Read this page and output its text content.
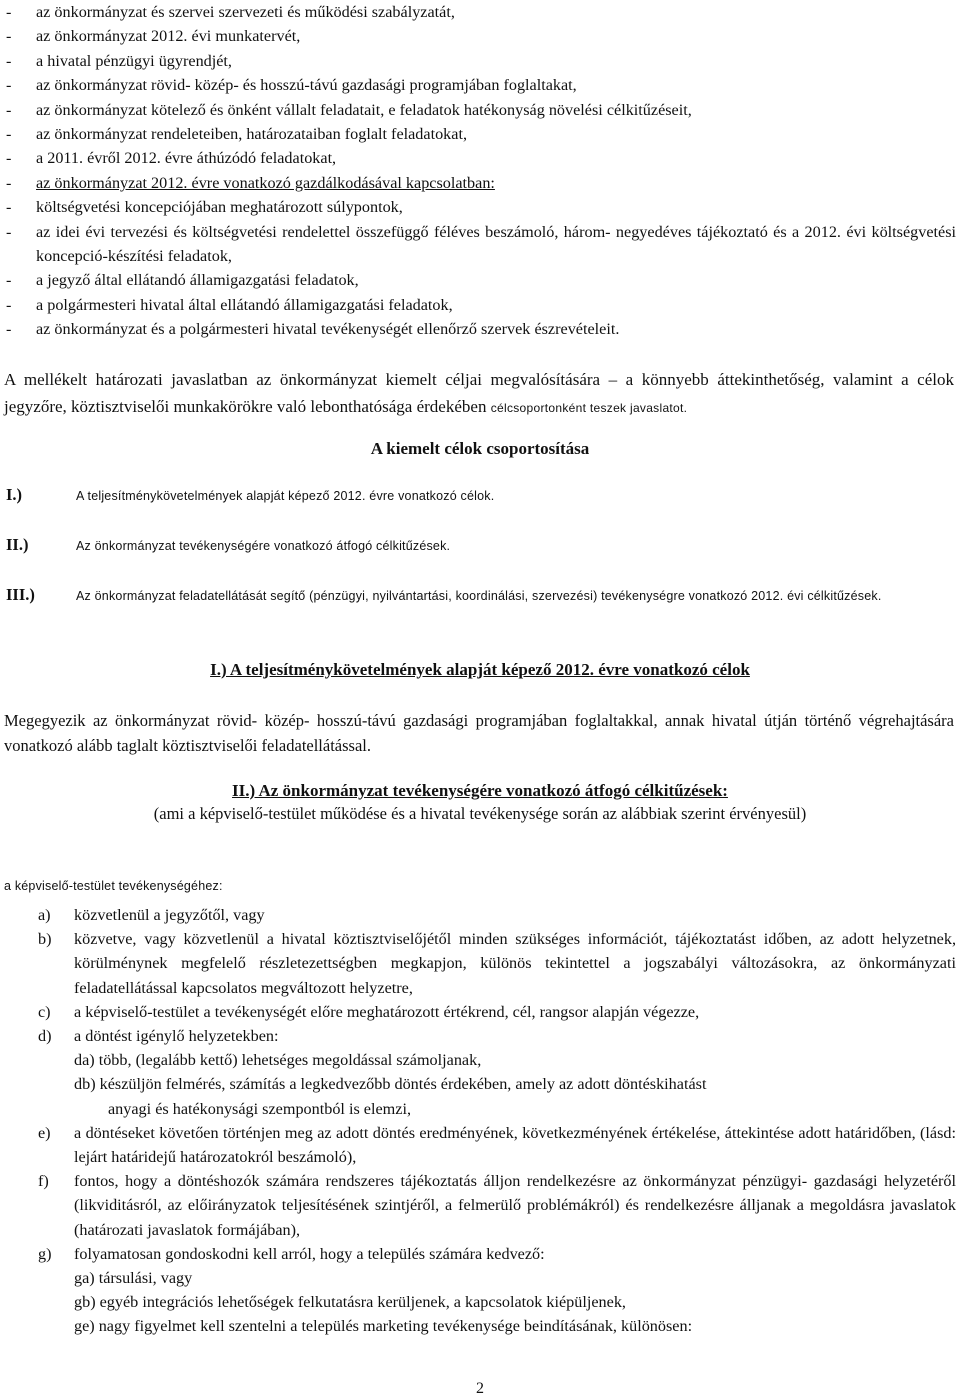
-	az önkormányzat és szervei szervezeti és működési szabályzatát,
-	az önkormányzat 2012. évi munkatervét,
-	a hivatal pénzügyi ügyrendjét,
-	az önkormányzat rövid- közép- és hosszú-távú gazdasági programjában foglaltakat,
-	az önkormányzat kötelező és önként vállalt feladatait, e feladatok hatékonyság növelési célkitűzéseit,
-	az önkormányzat rendeleteiben, határozataiban foglalt feladatokat,
-	a 2011. évről 2012. évre áthúzódó feladatokat,
-	az önkormányzat 2012. évre vonatkozó gazdálkodásával kapcsolatban:
-	költségvetési koncepciójában meghatározott súlypontok,
-	az idei évi tervezési és költségvetési rendelettel összefüggő féléves beszámoló, három- negyedéves tájékoztató és a 2012. évi költségvetési koncepció-készítési feladatok,
-	a jegyző által ellátandó államigazgatási feladatok,
-	a polgármesteri hivatal által ellátandó államigazgatási feladatok,
-	az önkormányzat és a polgármesteri hivatal tevékenységét ellenőrző szervek észrevételeit.
A mellékelt határozati javaslatban az önkormányzat kiemelt céljai megvalósítására – a könnyebb áttekinthetőség, valamint a célok jegyzőre, köztisztviselői munkakörökre való lebonthatósága érdekében célcsoportonként teszek javaslatot.
A kiemelt célok csoportosítása
I.)	A teljesítménykövetelmények alapját képező 2012. évre vonatkozó célok.
II.)	Az önkormányzat tevékenységére vonatkozó átfogó célkitűzések.
III.)	Az önkormányzat feladatellátását segítő (pénzügyi, nyilvántartási, koordinálási, szervezési) tevékenységre vonatkozó 2012. évi célkitűzések.
I.) A teljesítménykövetelmények alapját képező 2012. évre vonatkozó célok
Megegyezik az önkormányzat rövid- közép- hosszú-távú gazdasági programjában foglaltakkal, annak hivatal útján történő végrehajtására vonatkozó alább taglalt köztisztviselői feladatellátással.
II.) Az önkormányzat tevékenységére vonatkozó átfogó célkitűzések:
(ami a képviselő-testület működése és a hivatal tevékenysége során az alábbiak szerint érvényesül)
a képviselő-testület tevékenységéhez:
a)	közvetlenül a jegyzőtől, vagy
b)	közvetve, vagy közvetlenül a hivatal köztisztviselőjétől minden szükséges információt, tájékoztatást időben, az adott helyzetnek, körülménynek megfelelő részletezettségben megkapjon, különös tekintettel a jogszabályi változásokra, az önkormányzati feladatellátással kapcsolatos megváltozott helyzetre,
c)	a képviselő-testület a tevékenységét előre meghatározott értékrend, cél, rangsor alapján végezze,
d)	a döntést igénylő helyzetekben:
da) több, (legalább kettő) lehetséges megoldással számoljanak,
db) készüljön felmérés, számítás a legkedvezőbb döntés érdekében, amely az adott döntéskihatást
anyagi és hatékonysági szempontból is elemzi,
e)	a döntéseket követően történjen meg az adott döntés eredményének, következményének értékelése, áttekintése adott határidőben, (lásd: lejárt határidejű határozatokról beszámoló),
f)	fontos, hogy a döntéshozók számára rendszeres tájékoztatás álljon rendelkezésre az önkormányzat pénzügyi- gazdasági helyzetéről (likviditásról, az előirányzatok teljesítésének szintjéről, a felmerülő problémákról) és rendelkezésre álljanak a megoldásra javaslatok (határozati javaslatok formájában),
g)	folyamatosan gondoskodni kell arról, hogy a település számára kedvező:
ga) társulási, vagy
gb) egyéb integrációs lehetőségek felkutatásra kerüljenek, a kapcsolatok kiépüljenek,
ge) nagy figyelmet kell szentelni a település marketing tevékenysége beindításának, különösen:
2
